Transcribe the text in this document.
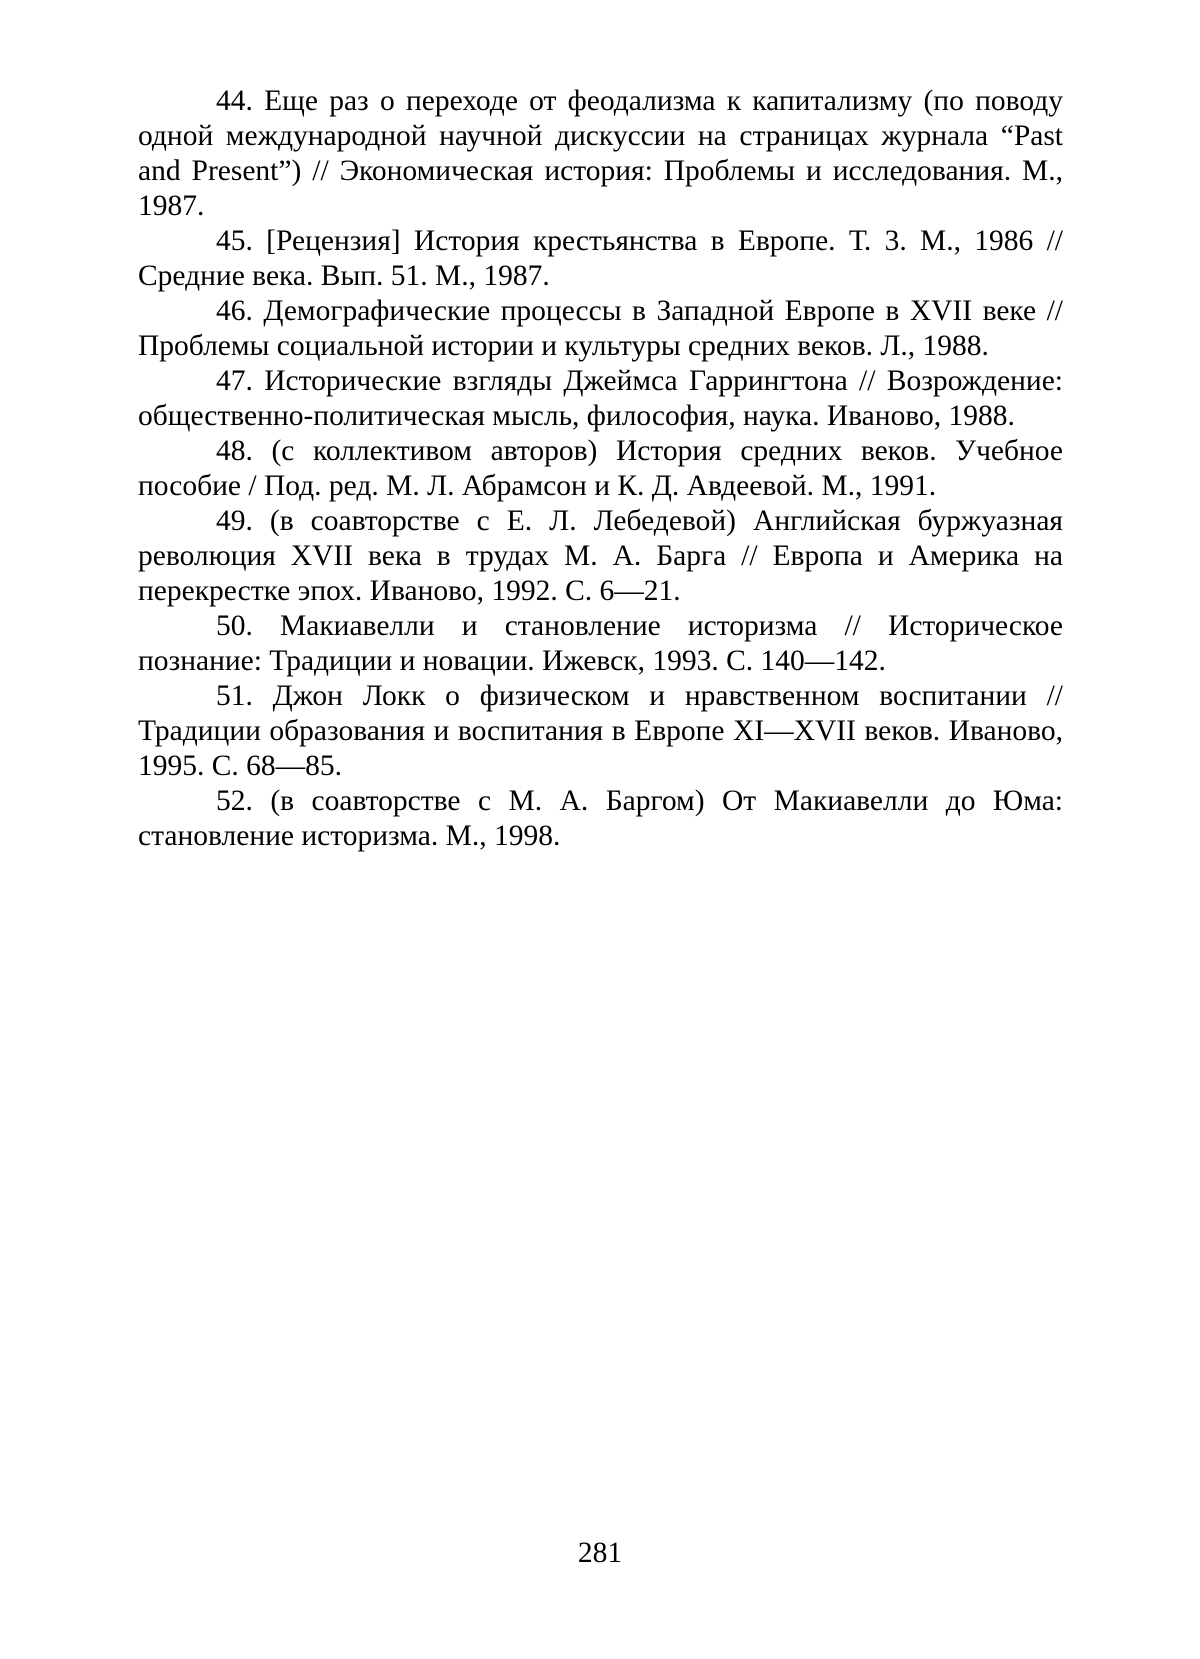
44. Еще раз о переходе от феодализма к капитализму (по поводу одной международной научной дискуссии на страницах журнала “Past and Present”) // Экономическая история: Проблемы и исследования. М., 1987.

45. [Рецензия] История крестьянства в Европе. Т. 3. М., 1986 // Средние века. Вып. 51. М., 1987.

46. Демографические процессы в Западной Европе в XVII веке // Проблемы социальной истории и культуры средних веков. Л., 1988.

47. Исторические взгляды Джеймса Гаррингтона // Возрождение: общественно-политическая мысль, философия, наука. Иваново, 1988.

48. (с коллективом авторов) История средних веков. Учебное пособие / Под. ред. М. Л. Абрамсон и К. Д. Авдеевой. М., 1991.

49. (в соавторстве с Е. Л. Лебедевой) Английская буржуазная революция XVII века в трудах М. А. Барга // Европа и Америка на перекрестке эпох. Иваново, 1992. С. 6—21.

50. Макиавелли и становление историзма // Историческое познание: Традиции и новации. Ижевск, 1993. С. 140—142.

51. Джон Локк о физическом и нравственном воспитании // Традиции образования и воспитания в Европе XI—XVII веков. Иваново, 1995. С. 68—85.

52. (в соавторстве с М. А. Баргом) От Макиавелли до Юма: становление историзма. М., 1998.

281
